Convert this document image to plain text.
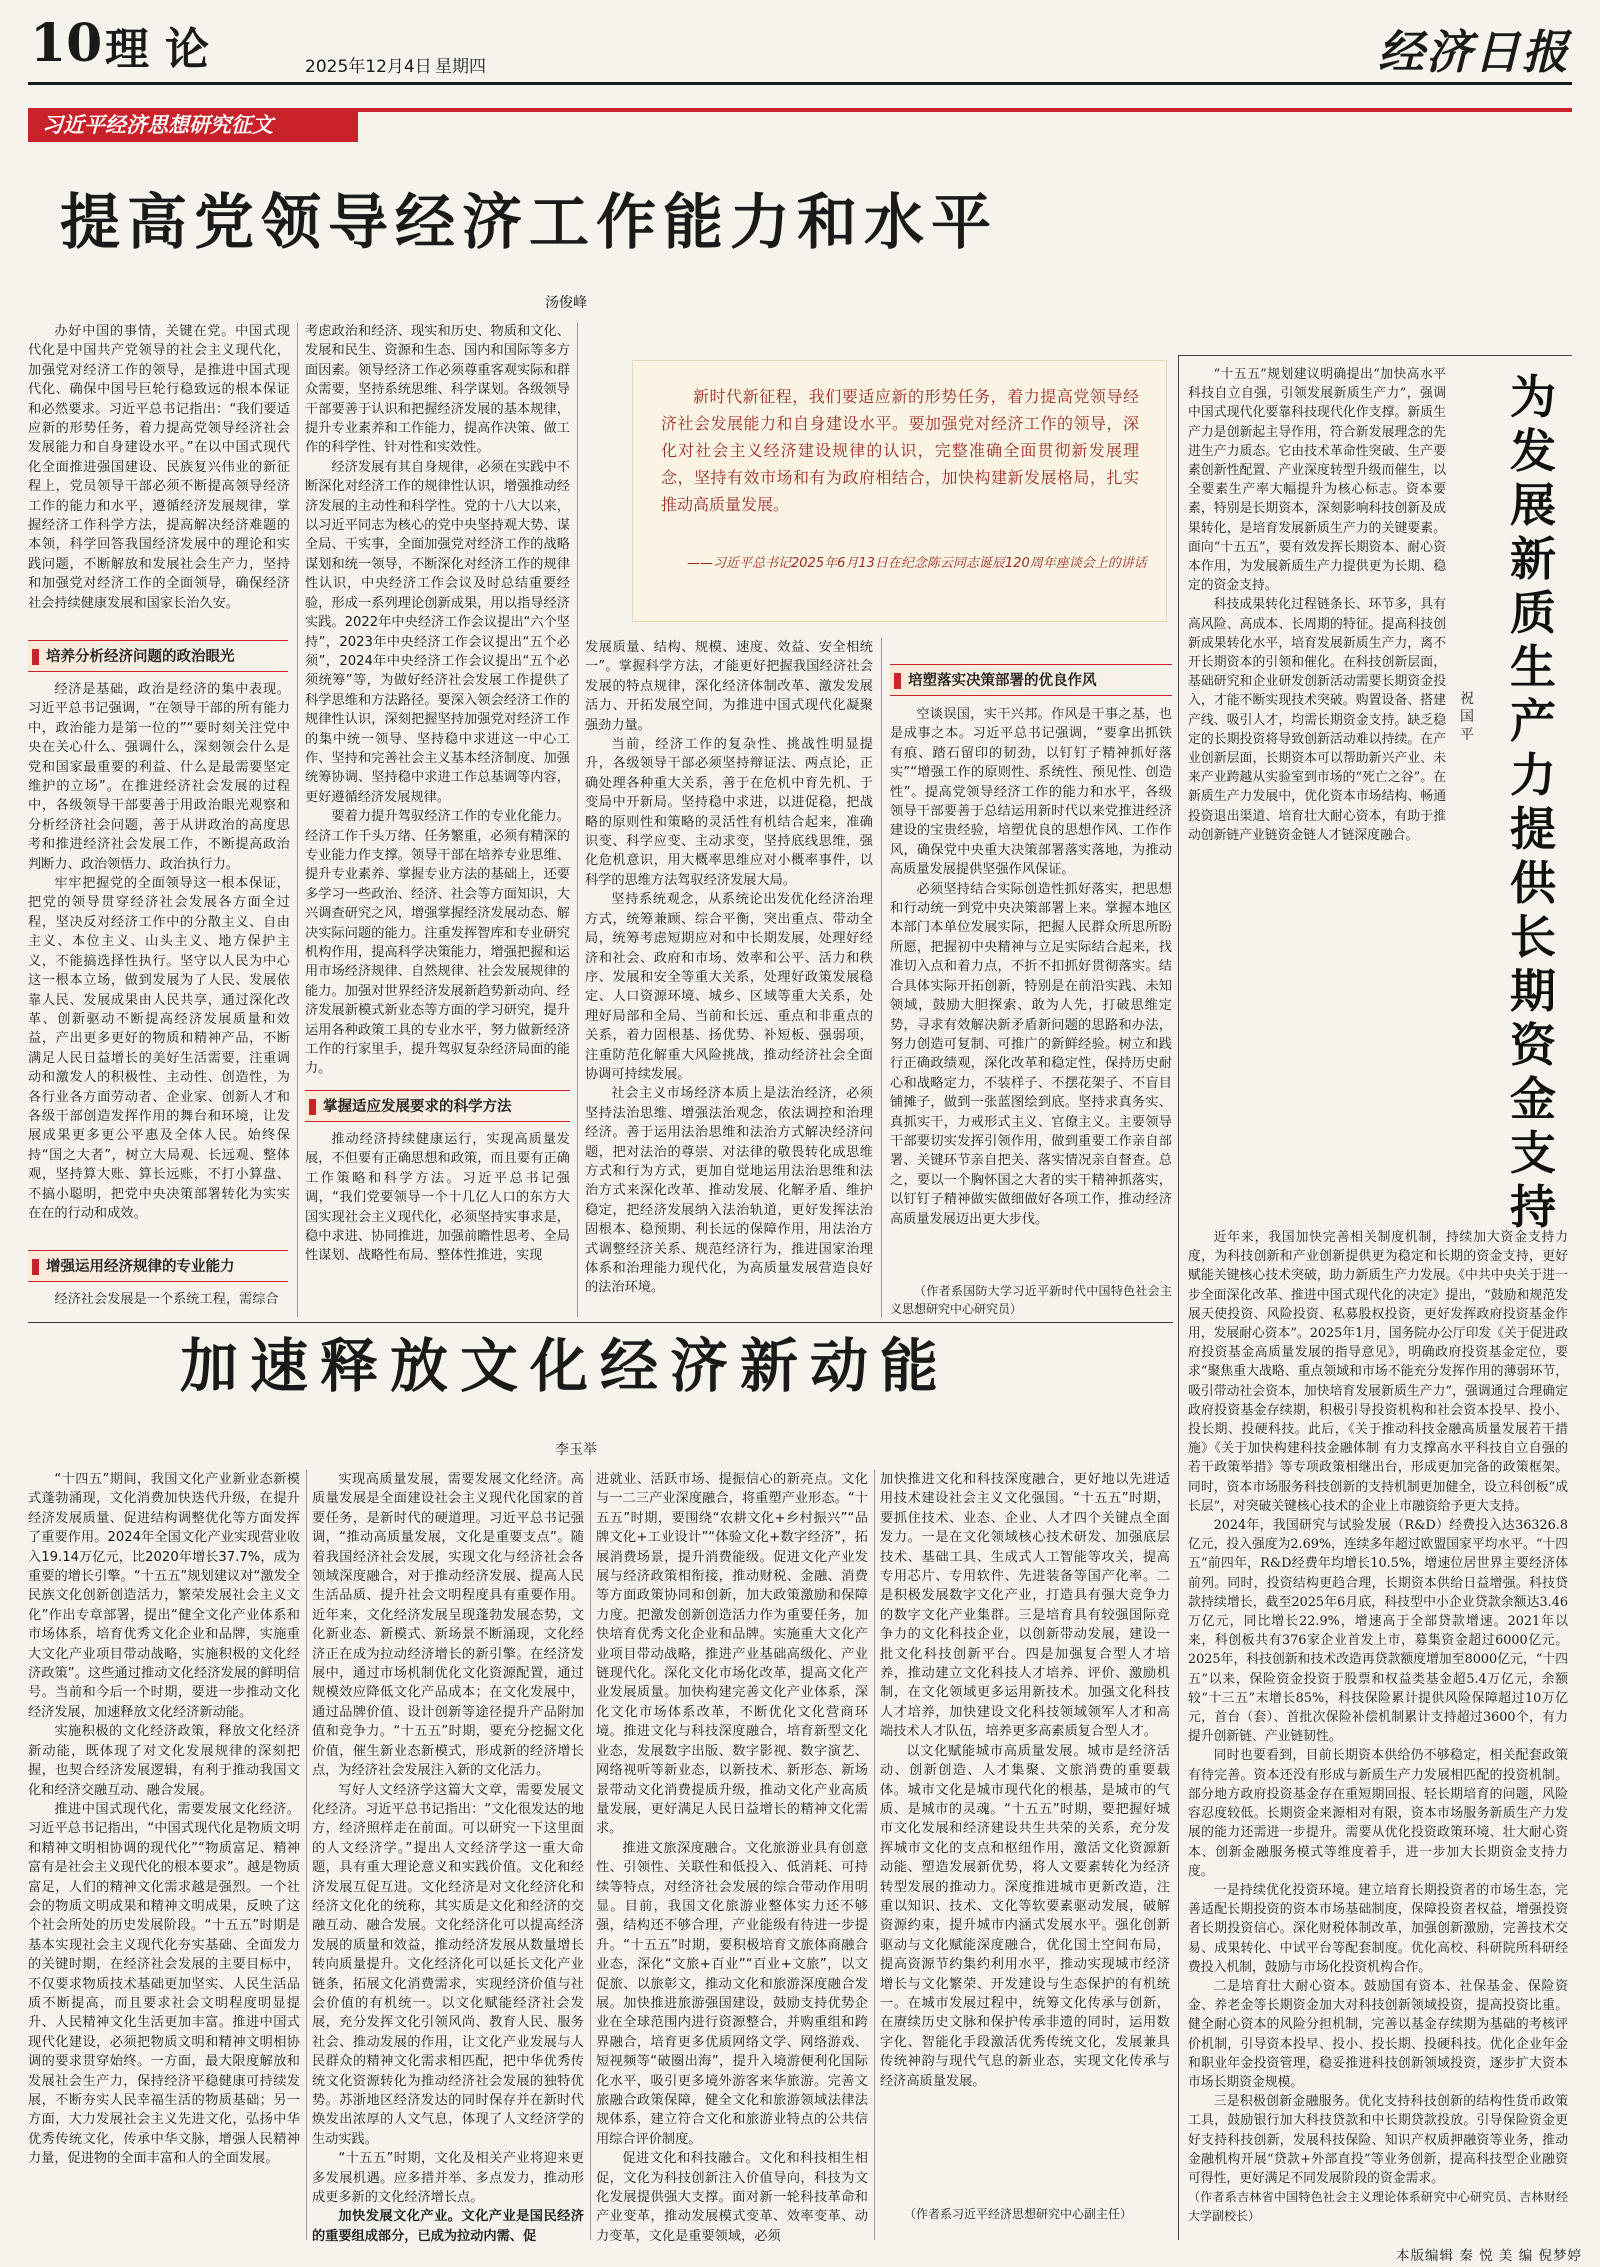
10 理论	2025年12月4日 星期四	经济日报
习近平经济思想研究征文
提高党领导经济工作能力和水平
汤俊峰
新时代新征程，我们要适应新的形势任务，着力提高党领导经济社会发展能力和自身建设水平。要加强党对经济工作的领导，深化对社会主义经济建设规律的认识，完整准确全面贯彻新发展理念，坚持有效市场和有为政府相结合，加快构建新发展格局，扎实推动高质量发展。
——习近平总书记2025年6月13日在纪念陈云同志诞辰120周年座谈会上的讲话

办好中国的事情，关键在党。中国式现代化是中国共产党领导的社会主义现代化，加强党对经济工作的领导，是推进中国式现代化、确保中国号巨轮行稳致远的根本保证和必然要求。习近平总书记指出：“我们要适应新的形势任务，着力提高党领导经济社会发展能力和自身建设水平。”在以中国式现代化全面推进强国建设、民族复兴伟业的新征程上，党员领导干部必须不断提高领导经济工作的能力和水平，遵循经济发展规律，掌握经济工作科学方法，提高解决经济难题的本领，科学回答我国经济发展中的理论和实践问题，不断解放和发展社会生产力，坚持和加强党对经济工作的全面领导，确保经济社会持续健康发展和国家长治久安。

培养分析经济问题的政治眼光

经济是基础，政治是经济的集中表现。习近平总书记强调，“在领导干部的所有能力中，政治能力是第一位的”“要时刻关注党中央在关心什么、强调什么，深刻领会什么是党和国家最重要的利益、什么是最需要坚定维护的立场”。在推进经济社会发展的过程中，各级领导干部要善于用政治眼光观察和分析经济社会问题，善于从讲政治的高度思考和推进经济社会发展工作，不断提高政治判断力、政治领悟力、政治执行力。

牢牢把握党的全面领导这一根本保证，把党的领导贯穿经济社会发展各方面全过程，坚决反对经济工作中的分散主义、自由主义、本位主义、山头主义、地方保护主义，不能搞选择性执行。坚守以人民为中心这一根本立场，做到发展为了人民、发展依靠人民、发展成果由人民共享，通过深化改革、创新驱动不断提高经济发展质量和效益，产出更多更好的物质和精神产品，不断满足人民日益增长的美好生活需要，注重调动和激发人的积极性、主动性、创造性，为各行业各方面劳动者、企业家、创新人才和各级干部创造发挥作用的舞台和环境，让发展成果更多更公平惠及全体人民。始终保持“国之大者”，树立大局观、长远观、整体观，坚持算大账、算长远账，不打小算盘、不搞小聪明，把党中央决策部署转化为实实在在的行动和成效。

增强运用经济规律的专业能力

经济社会发展是一个系统工程，需综合

考虑政治和经济、现实和历史、物质和文化、发展和民生、资源和生态、国内和国际等多方面因素。领导经济工作必须尊重客观实际和群众需要，坚持系统思维、科学谋划。各级领导干部要善于认识和把握经济发展的基本规律，提升专业素养和工作能力，提高作决策、做工作的科学性、针对性和实效性。

经济发展有其自身规律，必须在实践中不断深化对经济工作的规律性认识，增强推动经济发展的主动性和科学性。党的十八大以来，以习近平同志为核心的党中央坚持观大势、谋全局、干实事，全面加强党对经济工作的战略谋划和统一领导，不断深化对经济工作的规律性认识，中央经济工作会议及时总结重要经验，形成一系列理论创新成果，用以指导经济实践。2022年中央经济工作会议提出“六个坚持”，2023年中央经济工作会议提出“五个必须”，2024年中央经济工作会议提出“五个必须统筹”等，为做好经济社会发展工作提供了科学思维和方法路径。要深入领会经济工作的规律性认识，深刻把握坚持加强党对经济工作的集中统一领导、坚持稳中求进这一中心工作、坚持和完善社会主义基本经济制度、加强统筹协调、坚持稳中求进工作总基调等内容，更好遵循经济发展规律。

要着力提升驾驭经济工作的专业化能力。经济工作千头万绪、任务繁重，必须有精深的专业能力作支撑。领导干部在培养专业思维、提升专业素养、掌握专业方法的基础上，还要多学习一些政治、经济、社会等方面知识，大兴调查研究之风，增强掌握经济发展动态、解决实际问题的能力。注重发挥智库和专业研究机构作用，提高科学决策能力，增强把握和运用市场经济规律、自然规律、社会发展规律的能力。加强对世界经济发展新趋势新动向、经济发展新模式新业态等方面的学习研究，提升运用各种政策工具的专业水平，努力做新经济工作的行家里手，提升驾驭复杂经济局面的能力。

掌握适应发展要求的科学方法

推动经济持续健康运行，实现高质量发展，不但要有正确思想和政策，而且要有正确工作策略和科学方法。习近平总书记强调，“我们党要领导一个十几亿人口的东方大国实现社会主义现代化，必须坚持实事求是，稳中求进、协同推进，加强前瞻性思考、全局性谋划、战略性布局、整体性推进，实现

发展质量、结构、规模、速度、效益、安全相统一”。掌握科学方法，才能更好把握我国经济社会发展的特点规律，深化经济体制改革、激发发展活力、开拓发展空间，为推进中国式现代化凝聚强劲力量。

当前，经济工作的复杂性、挑战性明显提升，各级领导干部必须坚持辩证法、两点论，正确处理各种重大关系，善于在危机中育先机、于变局中开新局。坚持稳中求进，以进促稳，把战略的原则性和策略的灵活性有机结合起来，准确识变、科学应变、主动求变，坚持底线思维，强化危机意识，用大概率思维应对小概率事件，以科学的思维方法驾驭经济发展大局。

坚持系统观念，从系统论出发优化经济治理方式，统筹兼顾、综合平衡，突出重点、带动全局，统筹考虑短期应对和中长期发展，处理好经济和社会、政府和市场、效率和公平、活力和秩序、发展和安全等重大关系，处理好政策发展稳定、人口资源环境、城乡、区域等重大关系，处理好局部和全局、当前和长远、重点和非重点的关系，着力固根基、扬优势、补短板、强弱项，注重防范化解重大风险挑战，推动经济社会全面协调可持续发展。

社会主义市场经济本质上是法治经济，必须坚持法治思维、增强法治观念，依法调控和治理经济。善于运用法治思维和法治方式解决经济问题，把对法治的尊崇、对法律的敬畏转化成思维方式和行为方式，更加自觉地运用法治思维和法治方式来深化改革、推动发展、化解矛盾、维护稳定，把经济发展纳入法治轨道，更好发挥法治固根本、稳预期、利长远的保障作用，用法治方式调整经济关系、规范经济行为，推进国家治理体系和治理能力现代化，为高质量发展营造良好的法治环境。

培塑落实决策部署的优良作风

空谈误国，实干兴邦。作风是干事之基，也是成事之本。习近平总书记强调，“要拿出抓铁有痕、踏石留印的韧劲，以钉钉子精神抓好落实”“增强工作的原则性、系统性、预见性、创造性”。提高党领导经济工作的能力和水平，各级领导干部要善于总结运用新时代以来党推进经济建设的宝贵经验，培塑优良的思想作风、工作作风，确保党中央重大决策部署落实落地，为推动高质量发展提供坚强作风保证。

必须坚持结合实际创造性抓好落实，把思想和行动统一到党中央决策部署上来。掌握本地区本部门本单位发展实际，把握人民群众所思所盼所愿，把握初中央精神与立足实际结合起来，找准切入点和着力点，不折不扣抓好贯彻落实。结合具体实际开拓创新，特别是在前沿实践、未知领域，鼓励大胆探索、敢为人先，打破思维定势，寻求有效解决新矛盾新问题的思路和办法，努力创造可复制、可推广的新鲜经验。树立和践行正确政绩观，深化改革和稳定性，保持历史耐心和战略定力，不装样子、不摆花架子、不盲目铺摊子，做到一张蓝图绘到底。坚持求真务实、真抓实干，力戒形式主义、官僚主义。主要领导干部要切实发挥引领作用，做到重要工作亲自部署、关键环节亲自把关、落实情况亲自督查。总之，要以一个胸怀国之大者的实干精神抓落实，以钉钉子精神做实做细做好各项工作，推动经济高质量发展迈出更大步伐。

（作者系国防大学习近平新时代中国特色社会主义思想研究中心研究员）

为发展新质生产力提供长期资金支持
祝国平

“十五五”规划建议明确提出“加快高水平科技自立自强，引领发展新质生产力”，强调中国式现代化要靠科技现代化作支撑。新质生产力是创新起主导作用，符合新发展理念的先进生产力质态。它由技术革命性突破、生产要素创新性配置、产业深度转型升级而催生，以全要素生产率大幅提升为核心标志。资本要素，特别是长期资本，深刻影响科技创新及成果转化，是培育发展新质生产力的关键要素。面向“十五五”，要有效发挥长期资本、耐心资本作用，为发展新质生产力提供更为长期、稳定的资金支持。

科技成果转化过程链条长、环节多，具有高风险、高成本、长周期的特征。提高科技创新成果转化水平，培育发展新质生产力，离不开长期资本的引领和催化。在科技创新层面，基础研究和企业研发创新活动需要长期资金投入，才能不断实现技术突破。购置设备、搭建产线、吸引人才，均需长期资金支持。缺乏稳定的长期投资将导致创新活动难以持续。在产业创新层面，长期资本可以帮助新兴产业、未来产业跨越从实验室到市场的“死亡之谷”。在新质生产力发展中，优化资本市场结构、畅通投资退出渠道、培育壮大耐心资本，有助于推动创新链产业链资金链人才链深度融合。

近年来，我国加快完善相关制度机制，持续加大资金支持力度，为科技创新和产业创新提供更为稳定和长期的资金支持，更好赋能关键核心技术突破，助力新质生产力发展。《中共中央关于进一步全面深化改革、推进中国式现代化的决定》提出，“鼓励和规范发展天使投资、风险投资、私募股权投资，更好发挥政府投资基金作用，发展耐心资本”。2025年1月，国务院办公厅印发《关于促进政府投资基金高质量发展的指导意见》，明确政府投资基金定位，要求“聚焦重大战略、重点领域和市场不能充分发挥作用的薄弱环节，吸引带动社会资本，加快培育发展新质生产力”，强调通过合理确定政府投资基金存续期，积极引导投资机构和社会资本投早、投小、投长期、投硬科技。此后，《关于推动科技金融高质量发展若干措施》《关于加快构建科技金融体制 有力支撑高水平科技自立自强的若干政策举措》等专项政策相继出台，形成更加完备的政策框架。同时，资本市场服务科技创新的支持机制更加健全，设立科创板“成长层”，对突破关键核心技术的企业上市融资给予更大支持。

2024年，我国研究与试验发展（R&D）经费投入达36326.8亿元，投入强度为2.69%，连续多年超过欧盟国家平均水平。“十四五”前四年，R&D经费年均增长10.5%，增速位居世界主要经济体前列。同时，投资结构更趋合理，长期资本供给日益增强。科技贷款持续增长，截至2025年6月底，科技型中小企业贷款余额达3.46万亿元，同比增长22.9%，增速高于全部贷款增速。2021年以来，科创板共有376家企业首发上市，募集资金超过6000亿元。2025年，科技创新和技术改造再贷款额度增加至8000亿元，“十四五”以来，保险资金投资于股票和权益类基金超5.4万亿元，余额较“十三五”末增长85%，科技保险累计提供风险保障超过10万亿元，首台（套）、首批次保险补偿机制累计支持超过3600个，有力提升创新链、产业链韧性。

同时也要看到，目前长期资本供给仍不够稳定，相关配套政策有待完善。资本还没有形成与新质生产力发展相匹配的投资机制。部分地方政府投资基金存在重短期回报、轻长期培育的问题，风险容忍度较低。长期资金来源相对有限，资本市场服务新质生产力发展的能力还需进一步提升。需要从优化投资政策环境、壮大耐心资本、创新金融服务模式等维度着手，进一步加大长期资金支持力度。

一是持续优化投资环境。建立培育长期投资者的市场生态，完善适配长期投资的资本市场基础制度，保障投资者权益，增强投资者长期投资信心。深化财税体制改革，加强创新激励，完善技术交易、成果转化、中试平台等配套制度。优化高校、科研院所科研经费投入机制，鼓励与市场化投资机构合作。

二是培育壮大耐心资本。鼓励国有资本、社保基金、保险资金、养老金等长期资金加大对科技创新领域投资，提高投资比重。健全耐心资本的风险分担机制，完善以基金存续期为基础的考核评价机制，引导资本投早、投小、投长期、投硬科技。优化企业年金和职业年金投资管理，稳妥推进科技创新领域投资，逐步扩大资本市场长期资金规模。

三是积极创新金融服务。优化支持科技创新的结构性货币政策工具，鼓励银行加大科技贷款和中长期贷款投放。引导保险资金更好支持科技创新，发展科技保险、知识产权质押融资等业务，推动金融机构开展“贷款+外部直投”等业务创新，提高科技型企业融资可得性，更好满足不同发展阶段的资金需求。

（作者系吉林省中国特色社会主义理论体系研究中心研究员、吉林财经大学副校长）

加速释放文化经济新动能
李玉举

“十四五”期间，我国文化产业新业态新模式蓬勃涌现，文化消费加快迭代升级，在提升经济发展质量、促进结构调整优化等方面发挥了重要作用。2024年全国文化产业实现营业收入19.14万亿元，比2020年增长37.7%，成为重要的增长引擎。“十五五”规划建议对“激发全民族文化创新创造活力，繁荣发展社会主义文化”作出专章部署，提出“健全文化产业体系和市场体系，培育优秀文化企业和品牌，实施重大文化产业项目带动战略，实施积极的文化经济政策”。这些通过推动文化经济发展的鲜明信号。当前和今后一个时期，要进一步推动文化经济发展，加速释放文化经济新动能。

实施积极的文化经济政策，释放文化经济新动能，既体现了对文化发展规律的深刻把握，也契合经济发展逻辑，有利于推动我国文化和经济交融互动、融合发展。

推进中国式现代化，需要发展文化经济。习近平总书记指出，“中国式现代化是物质文明和精神文明相协调的现代化”“物质富足、精神富有是社会主义现代化的根本要求”。越是物质富足，人们的精神文化需求越是强烈。一个社会的物质文明成果和精神文明成果，反映了这个社会所处的历史发展阶段。“十五五”时期是基本实现社会主义现代化夯实基础、全面发力的关键时期，在经济社会发展的主要目标中，不仅要求物质技术基础更加坚实、人民生活品质不断提高，而且要求社会文明程度明显提升、人民精神文化生活更加丰富。推进中国式现代化建设，必须把物质文明和精神文明相协调的要求贯穿始终。一方面，最大限度解放和发展社会生产力，保持经济平稳健康可持续发展，不断夯实人民幸福生活的物质基础；另一方面，大力发展社会主义先进文化，弘扬中华优秀传统文化，传承中华文脉，增强人民精神力量，促进物的全面丰富和人的全面发展。

实现高质量发展，需要发展文化经济。高质量发展是全面建设社会主义现代化国家的首要任务，是新时代的硬道理。习近平总书记强调，“推动高质量发展，文化是重要支点”。随着我国经济社会发展，实现文化与经济社会各领域深度融合，对于推动经济发展、提高人民生活品质、提升社会文明程度具有重要作用。近年来，文化经济发展呈现蓬勃发展态势，文化新业态、新模式、新场景不断涌现，文化经济正在成为拉动经济增长的新引擎。在经济发展中，通过市场机制优化文化资源配置，通过规模效应降低文化产品成本；在文化发展中，通过品牌价值、设计创新等途径提升产品附加值和竞争力。“十五五”时期，要充分挖掘文化价值，催生新业态新模式，形成新的经济增长点，为经济社会发展注入新的文化活力。

写好人文经济学这篇大文章，需要发展文化经济。习近平总书记指出：“文化很发达的地方，经济照样走在前面。可以研究一下这里面的人文经济学。”提出人文经济学这一重大命题，具有重大理论意义和实践价值。文化和经济发展互促互进。文化经济是对文化经济化和经济文化化的统称，其实质是文化和经济的交融互动、融合发展。文化经济化可以提高经济发展的质量和效益，推动经济发展从数量增长转向质量提升。文化经济化可以延长文化产业链条，拓展文化消费需求，实现经济价值与社会价值的有机统一。以文化赋能经济社会发展，充分发挥文化引领风尚、教育人民、服务社会、推动发展的作用，让文化产业发展与人民群众的精神文化需求相匹配，把中华优秀传统文化资源转化为推动经济社会发展的独特优势。苏浙地区经济发达的同时保存并在新时代焕发出浓厚的人文气息，体现了人文经济学的生动实践。

“十五五”时期，文化及相关产业将迎来更多发展机遇。应多措并举、多点发力，推动形成更多新的文化经济增长点。

加快发展文化产业。文化产业是国民经济的重要组成部分，已成为拉动内需、促

进就业、活跃市场、提振信心的新亮点。文化与一二三产业深度融合，将重塑产业形态。“十五五”时期，要围绕“农耕文化+乡村振兴”“品牌文化+工业设计”“体验文化+数字经济”，拓展消费场景，提升消费能级。促进文化产业发展与经济政策相衔接，推动财税、金融、消费等方面政策协同和创新，加大政策激励和保障力度。把激发创新创造活力作为重要任务，加快培育优秀文化企业和品牌。实施重大文化产业项目带动战略，推进产业基础高级化、产业链现代化。深化文化市场化改革，提高文化产业发展质量。加快构建完善文化产业体系，深化文化市场体系改革，不断优化文化营商环境。推进文化与科技深度融合，培育新型文化业态，发展数字出版、数字影视、数字演艺、网络视听等新业态，以新技术、新形态、新场景带动文化消费提质升级，推动文化产业高质量发展，更好满足人民日益增长的精神文化需求。

推进文旅深度融合。文化旅游业具有创意性、引领性、关联性和低投入、低消耗、可持续等特点，对经济社会发展的综合带动作用明显。目前，我国文化旅游业整体实力还不够强，结构还不够合理，产业能级有待进一步提升。“十五五”时期，要积极培育文旅体商融合业态，深化“文旅+百业”“百业+文旅”，以文促旅、以旅彰文，推动文化和旅游深度融合发展。加快推进旅游强国建设，鼓励支持优势企业在全球范围内进行资源整合，并购重组和跨界融合，培育更多优质网络文学、网络游戏、短视频等“破圈出海”，提升入境游便利化国际化水平，吸引更多境外游客来华旅游。完善文旅融合政策保障，健全文化和旅游领域法律法规体系，建立符合文化和旅游业特点的公共信用综合评价制度。

促进文化和科技融合。文化和科技相生相促，文化为科技创新注入价值导向，科技为文化发展提供强大支撑。面对新一轮科技革命和产业变革，推动发展模式变革、效率变革、动力变革，文化是重要领域，必须

加快推进文化和科技深度融合，更好地以先进适用技术建设社会主义文化强国。“十五五”时期，要抓住技术、业态、企业、人才四个关键点全面发力。一是在文化领域核心技术研发、加强底层技术、基础工具、生成式人工智能等攻关，提高专用芯片、专用软件、先进装备等国产化率。二是积极发展数字文化产业，打造具有强大竞争力的数字文化产业集群。三是培育具有较强国际竞争力的文化科技企业，以创新带动发展，建设一批文化科技创新平台。四是加强复合型人才培养，推动建立文化科技人才培养、评价、激励机制，在文化领域更多运用新技术。加强文化科技人才培养，加快建设文化科技领域领军人才和高端技术人才队伍，培养更多高素质复合型人才。

以文化赋能城市高质量发展。城市是经济活动、创新创造、人才集聚、文旅消费的重要载体。城市文化是城市现代化的根基，是城市的气质、是城市的灵魂。“十五五”时期，要把握好城市文化发展和经济建设共生共荣的关系，充分发挥城市文化的支点和枢纽作用，激活文化资源新动能、塑造发展新优势，将人文要素转化为经济转型发展的推动力。深度推进城市更新改造，注重以知识、技术、文化等软要素驱动发展，破解资源约束，提升城市内涵式发展水平。强化创新驱动与文化赋能深度融合，优化国土空间布局，提高资源节约集约利用水平，推动实现城市经济增长与文化繁荣、开发建设与生态保护的有机统一。在城市发展过程中，统筹文化传承与创新，在赓续历史文脉和保护传承非遗的同时，运用数字化、智能化手段激活优秀传统文化，发展兼具传统神韵与现代气息的新业态，实现文化传承与经济高质量发展。

（作者系习近平经济思想研究中心副主任）

本版编辑 秦 悦 美 编 倪梦婷
